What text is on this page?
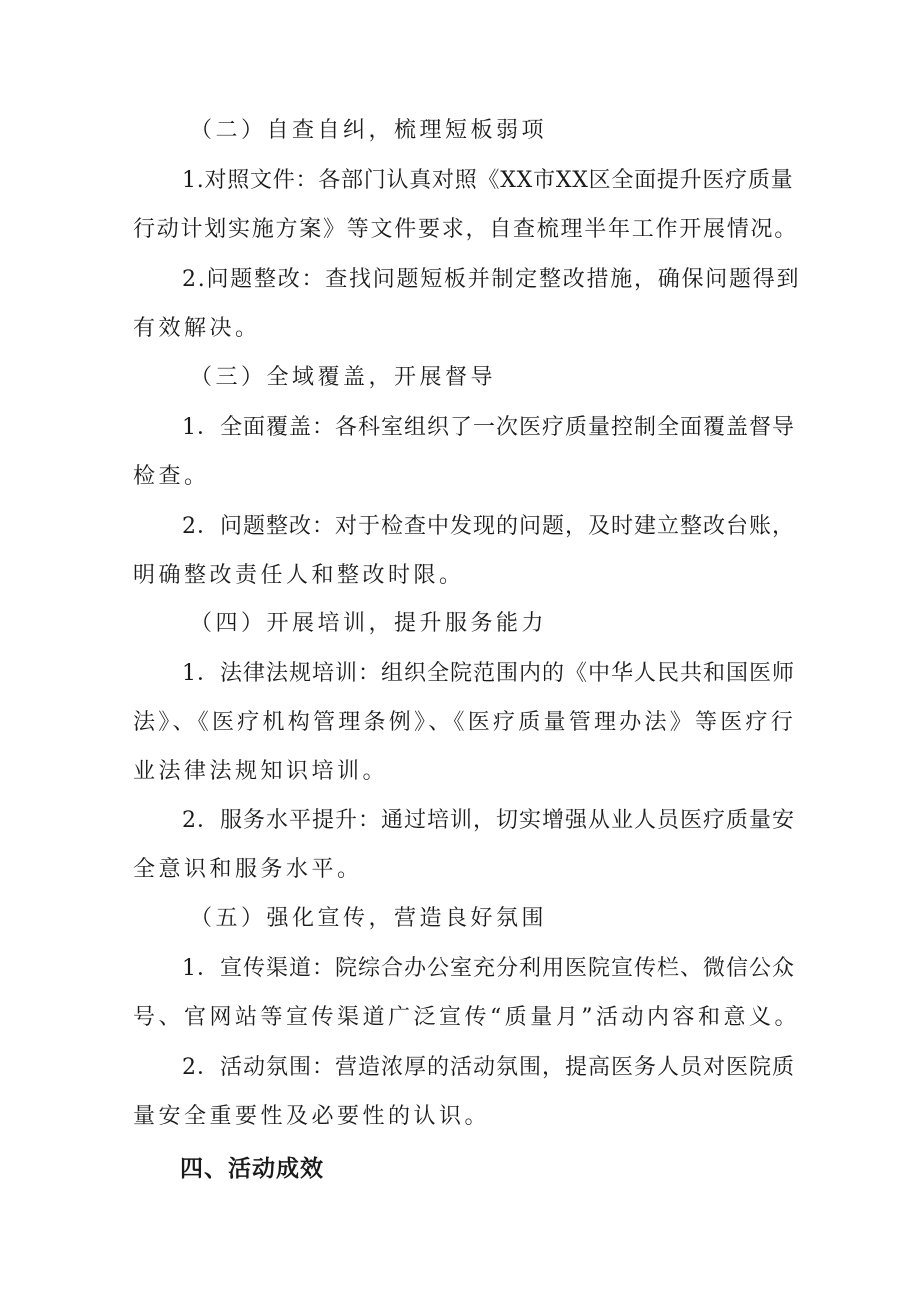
（二）自查自纠，梳理短板弱项
1.对照文件：各部门认真对照《XX市XX区全面提升医疗质量
行动计划实施方案》等文件要求，自查梳理半年工作开展情况。
2.问题整改：查找问题短板并制定整改措施，确保问题得到
有效解决。
（三）全域覆盖，开展督导
1．全面覆盖：各科室组织了一次医疗质量控制全面覆盖督导
检查。
2．问题整改：对于检查中发现的问题，及时建立整改台账，
明确整改责任人和整改时限。
（四）开展培训，提升服务能力
1．法律法规培训：组织全院范围内的《中华人民共和国医师
法》、《医疗机构管理条例》、《医疗质量管理办法》等医疗行
业法律法规知识培训。
2．服务水平提升：通过培训，切实增强从业人员医疗质量安
全意识和服务水平。
（五）强化宣传，营造良好氛围
1．宣传渠道：院综合办公室充分利用医院宣传栏、微信公众
号、官网站等宣传渠道广泛宣传“质量月”活动内容和意义。
2．活动氛围：营造浓厚的活动氛围，提高医务人员对医院质
量安全重要性及必要性的认识。
四、活动成效
